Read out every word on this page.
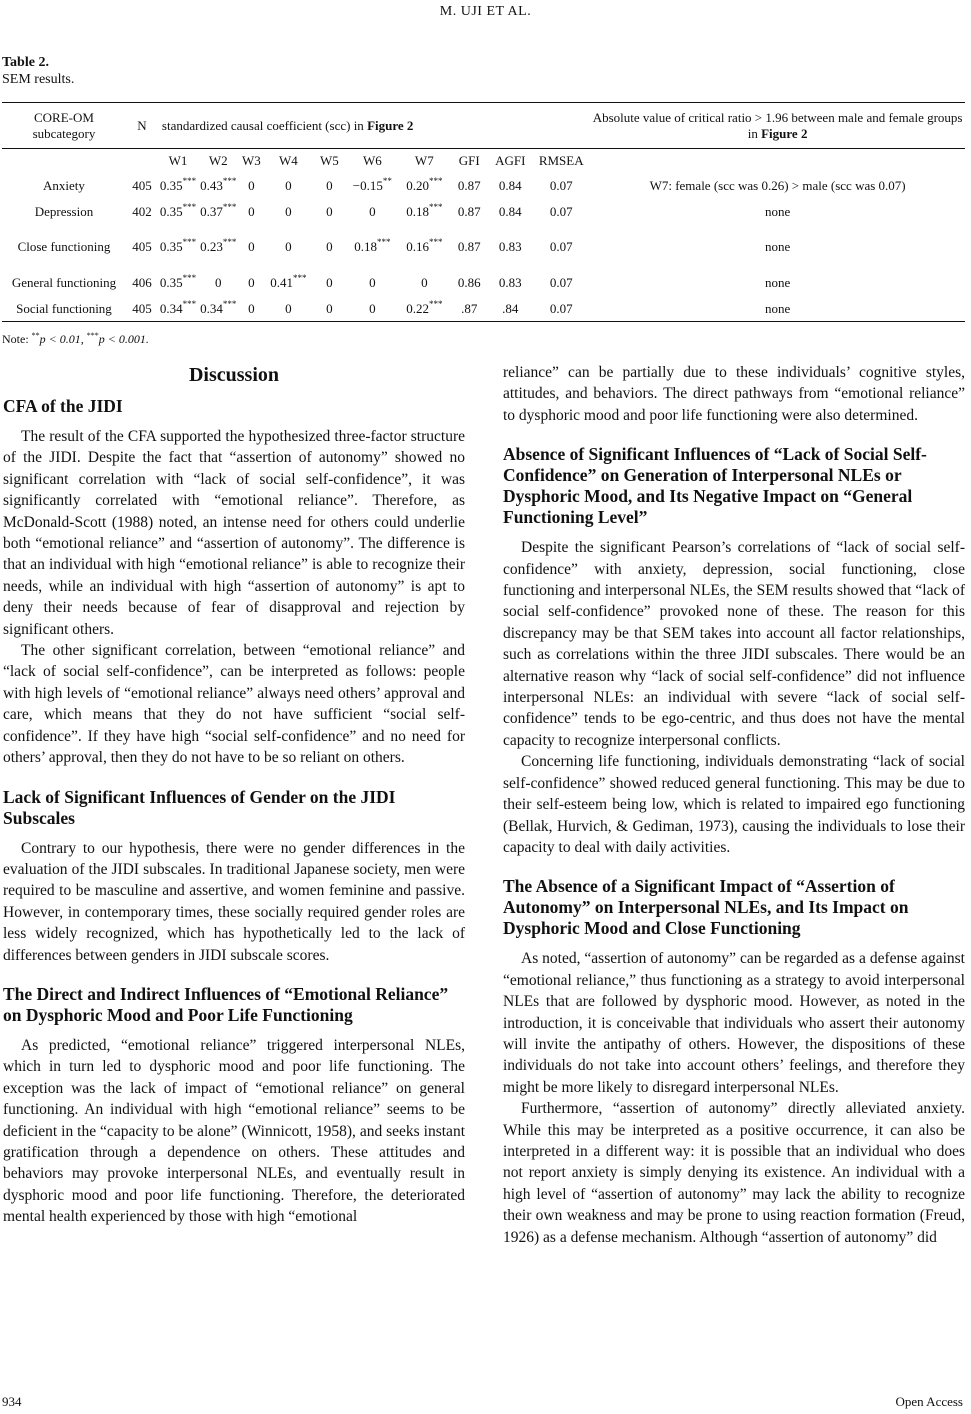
M. UJI ET AL.
Table 2.
SEM results.
CORE-OM subcategory	N	standardized causal coefficient (scc) in Figure 2										Absolute value of critical ratio > 1.96 between male and female groups in Figure 2
		W1	W2	W3	W4	W5	W6	W7	GFI	AGFI	RMSEA	
Anxiety	405	0.35***	0.43***	0	0	0	−0.15**	0.20***	0.87	0.84	0.07	W7: female (scc was 0.26) > male (scc was 0.07)
Depression	402	0.35***	0.37***	0	0	0	0	0.18***	0.87	0.84	0.07	none
Close functioning	405	0.35***	0.23***	0	0	0	0.18***	0.16***	0.87	0.83	0.07	none
General functioning	406	0.35***	0	0	0.41***	0	0	0	0.86	0.83	0.07	none
Social functioning	405	0.34***	0.34***	0	0	0	0	0.22***	.87	.84	0.07	none
Note: **p < 0.01, ***p < 0.001.
Discussion
CFA of the JIDI

The result of the CFA supported the hypothesized three-factor structure of the JIDI. Despite the fact that “assertion of autonomy” showed no significant correlation with “lack of social self-confidence”, it was significantly correlated with “emotional reliance”. Therefore, as McDonald-Scott (1988) noted, an intense need for others could underlie both “emotional reliance” and “assertion of autonomy”. The difference is that an individual with high “emotional reliance” is able to recognize their needs, while an individual with high “assertion of autonomy” is apt to deny their needs because of fear of disapproval and rejection by significant others.

The other significant correlation, between “emotional reliance” and “lack of social self-confidence”, can be interpreted as follows: people with high levels of “emotional reliance” always need others’ approval and care, which means that they do not have sufficient “social self-confidence”. If they have high “social self-confidence” and no need for others’ approval, then they do not have to be so reliant on others.

Lack of Significant Influences of Gender on the JIDI Subscales

Contrary to our hypothesis, there were no gender differences in the evaluation of the JIDI subscales. In traditional Japanese society, men were required to be masculine and assertive, and women feminine and passive. However, in contemporary times, these socially required gender roles are less widely recognized, which has hypothetically led to the lack of differences between genders in JIDI subscale scores.

The Direct and Indirect Influences of “Emotional Reliance” on Dysphoric Mood and Poor Life Functioning

As predicted, “emotional reliance” triggered interpersonal NLEs, which in turn led to dysphoric mood and poor life functioning. The exception was the lack of impact of “emotional reliance” on general functioning. An individual with high “emotional reliance” seems to be deficient in the “capacity to be alone” (Winnicott, 1958), and seeks instant gratification through a dependence on others. These attitudes and behaviors may provoke interpersonal NLEs, and eventually result in dysphoric mood and poor life functioning. Therefore, the deteriorated mental health experienced by those with high “emotional

reliance” can be partially due to these individuals’ cognitive styles, attitudes, and behaviors. The direct pathways from “emotional reliance” to dysphoric mood and poor life functioning were also determined.

Absence of Significant Influences of “Lack of Social Self-Confidence” on Generation of Interpersonal NLEs or Dysphoric Mood, and Its Negative Impact on “General Functioning Level”

Despite the significant Pearson’s correlations of “lack of social self-confidence” with anxiety, depression, social functioning, close functioning and interpersonal NLEs, the SEM results showed that “lack of social self-confidence” provoked none of these. The reason for this discrepancy may be that SEM takes into account all factor relationships, such as correlations within the three JIDI subscales. There would be an alternative reason why “lack of social self-confidence” did not influence interpersonal NLEs: an individual with severe “lack of social self-confidence” tends to be ego-centric, and thus does not have the mental capacity to recognize interpersonal conflicts.

Concerning life functioning, individuals demonstrating “lack of social self-confidence” showed reduced general functioning. This may be due to their self-esteem being low, which is related to impaired ego functioning (Bellak, Hurvich, & Gediman, 1973), causing the individuals to lose their capacity to deal with daily activities.

The Absence of a Significant Impact of “Assertion of Autonomy” on Interpersonal NLEs, and Its Impact on Dysphoric Mood and Close Functioning

As noted, “assertion of autonomy” can be regarded as a defense against “emotional reliance,” thus functioning as a strategy to avoid interpersonal NLEs that are followed by dysphoric mood. However, as noted in the introduction, it is conceivable that individuals who assert their autonomy will invite the antipathy of others. However, the dispositions of these individuals do not take into account others’ feelings, and therefore they might be more likely to disregard interpersonal NLEs.

Furthermore, “assertion of autonomy” directly alleviated anxiety. While this may be interpreted as a positive occurrence, it can also be interpreted in a different way: it is possible that an individual who does not report anxiety is simply denying its existence. An individual with a high level of “assertion of autonomy” may lack the ability to recognize their own weakness and may be prone to using reaction formation (Freud, 1926) as a defense mechanism. Although “assertion of autonomy” did

934	Open Access
